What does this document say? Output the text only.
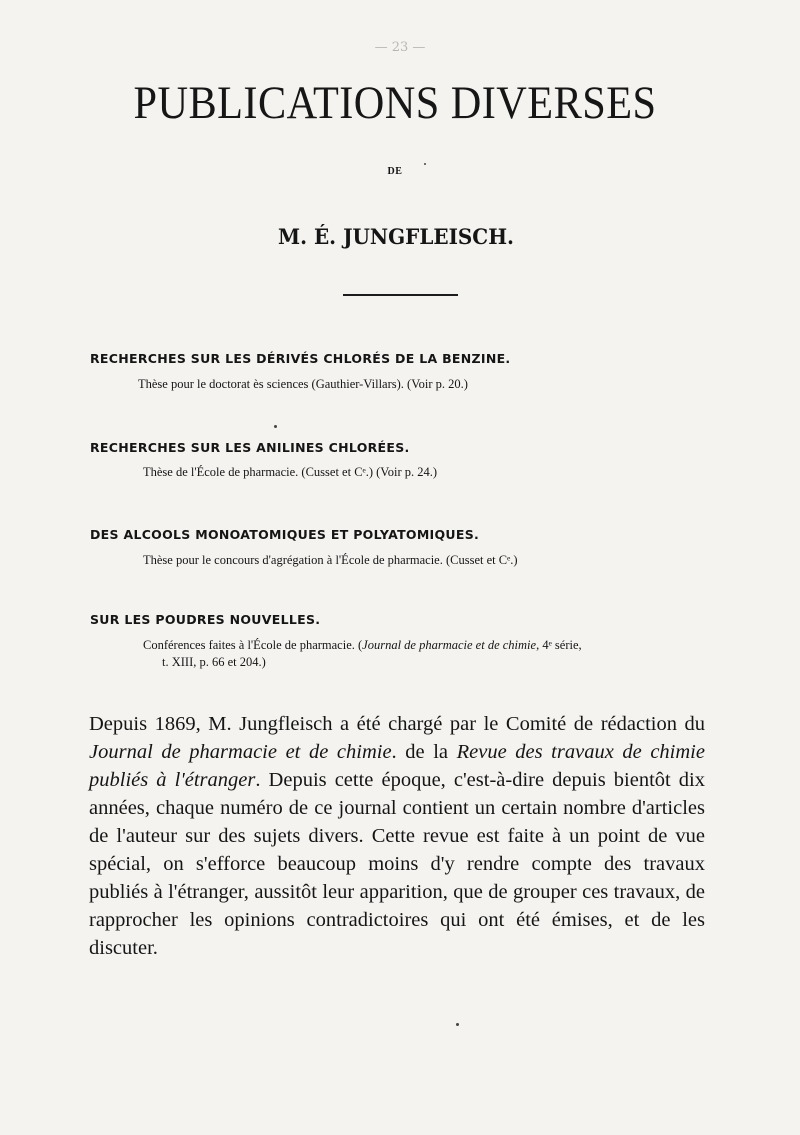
— 23 —
PUBLICATIONS DIVERSES
DE
M. É. JUNGFLEISCH.
RECHERCHES SUR LES DÉRIVÉS CHLORÉS DE LA BENZINE.
Thèse pour le doctorat ès sciences (Gauthier-Villars). (Voir p. 20.)
RECHERCHES SUR LES ANILINES CHLORÉES.
Thèse de l'École de pharmacie. (Cusset et Cᵉ.) (Voir p. 24.)
DES ALCOOLS MONOATOMIQUES ET POLYATOMIQUES.
Thèse pour le concours d'agrégation à l'École de pharmacie. (Cusset et Cᵉ.)
SUR LES POUDRES NOUVELLES.
Conférences faites à l'École de pharmacie. (Journal de pharmacie et de chimie, 4ᵉ série,
t. XIII, p. 66 et 204.)
Depuis 1869, M. Jungfleisch a été chargé par le Comité de rédaction du Journal de pharmacie et de chimie. de la Revue des travaux de chimie publiés à l'étranger. Depuis cette époque, c'est-à-dire depuis bientôt dix années, chaque numéro de ce journal contient un certain nombre d'articles de l'auteur sur des sujets divers. Cette revue est faite à un point de vue spécial, on s'efforce beaucoup moins d'y rendre compte des travaux publiés à l'étranger, aussitôt leur apparition, que de grouper ces travaux, de rapprocher les opinions contradictoires qui ont été émises, et de les discuter.
